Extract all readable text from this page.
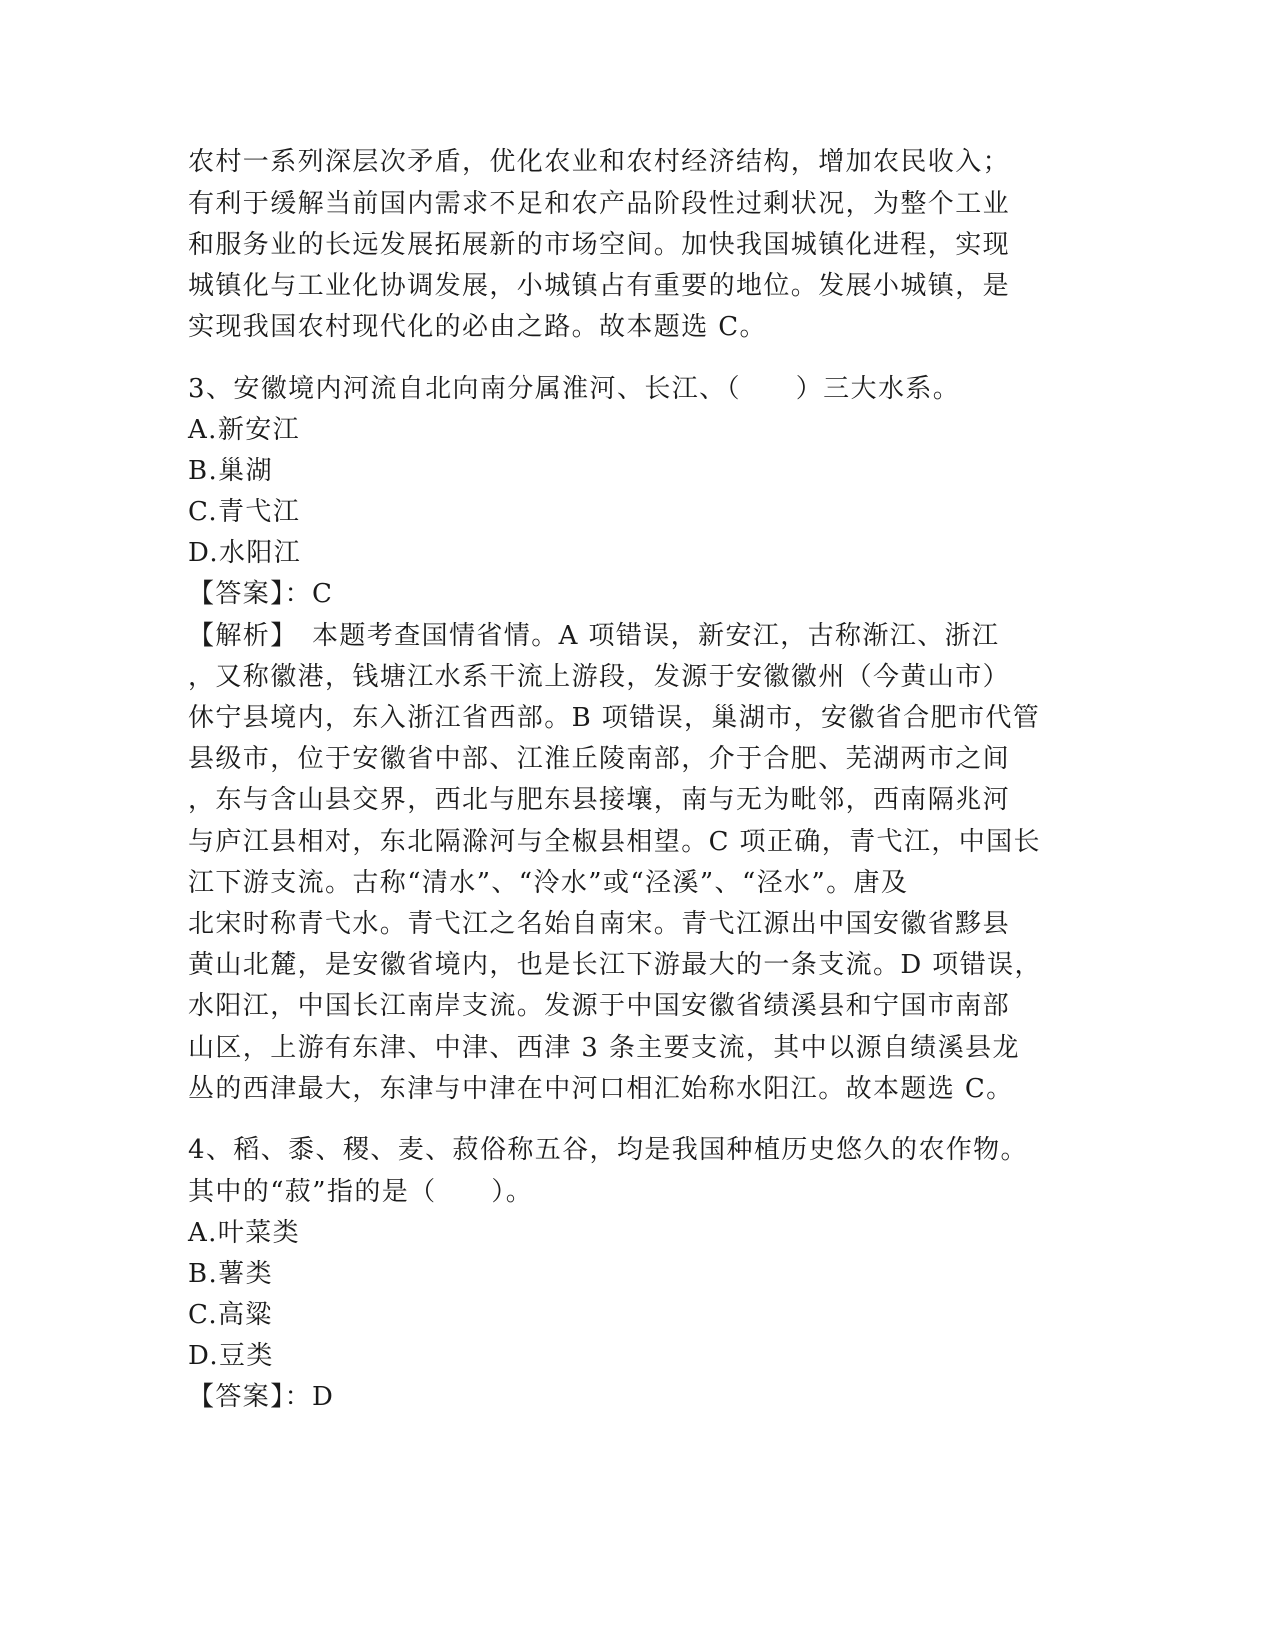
农村一系列深层次矛盾，优化农业和农村经济结构，增加农民收入；

有利于缓解当前国内需求不足和农产品阶段性过剩状况，为整个工业

和服务业的长远发展拓展新的市场空间。加快我国城镇化进程，实现

城镇化与工业化协调发展，小城镇占有重要的地位。发展小城镇，是

实现我国农村现代化的必由之路。故本题选 C。

3、安徽境内河流自北向南分属淮河、长江、（　　）三大水系。

A.新安江

B.巢湖

C.青弋江

D.水阳江

【答案】：C

【解析】　本题考查国情省情。A 项错误，新安江，古称渐江、浙江

，又称徽港，钱塘江水系干流上游段，发源于安徽徽州（今黄山市）

休宁县境内，东入浙江省西部。B 项错误，巢湖市，安徽省合肥市代管

县级市，位于安徽省中部、江淮丘陵南部，介于合肥、芜湖两市之间

，东与含山县交界，西北与肥东县接壤，南与无为毗邻，西南隔兆河

与庐江县相对，东北隔滁河与全椒县相望。C 项正确，青弋江，中国长

江下游支流。古称“清水”、“泠水”或“泾溪”、“泾水”。唐及

北宋时称青弋水。青弋江之名始自南宋。青弋江源出中国安徽省黟县

黄山北麓，是安徽省境内，也是长江下游最大的一条支流。D 项错误，

水阳江，中国长江南岸支流。发源于中国安徽省绩溪县和宁国市南部

山区，上游有东津、中津、西津 3 条主要支流，其中以源自绩溪县龙

丛的西津最大，东津与中津在中河口相汇始称水阳江。故本题选 C。

4、稻、黍、稷、麦、菽俗称五谷，均是我国种植历史悠久的农作物。

其中的“菽”指的是（　　）。

A.叶菜类

B.薯类

C.高粱

D.豆类

【答案】：D
